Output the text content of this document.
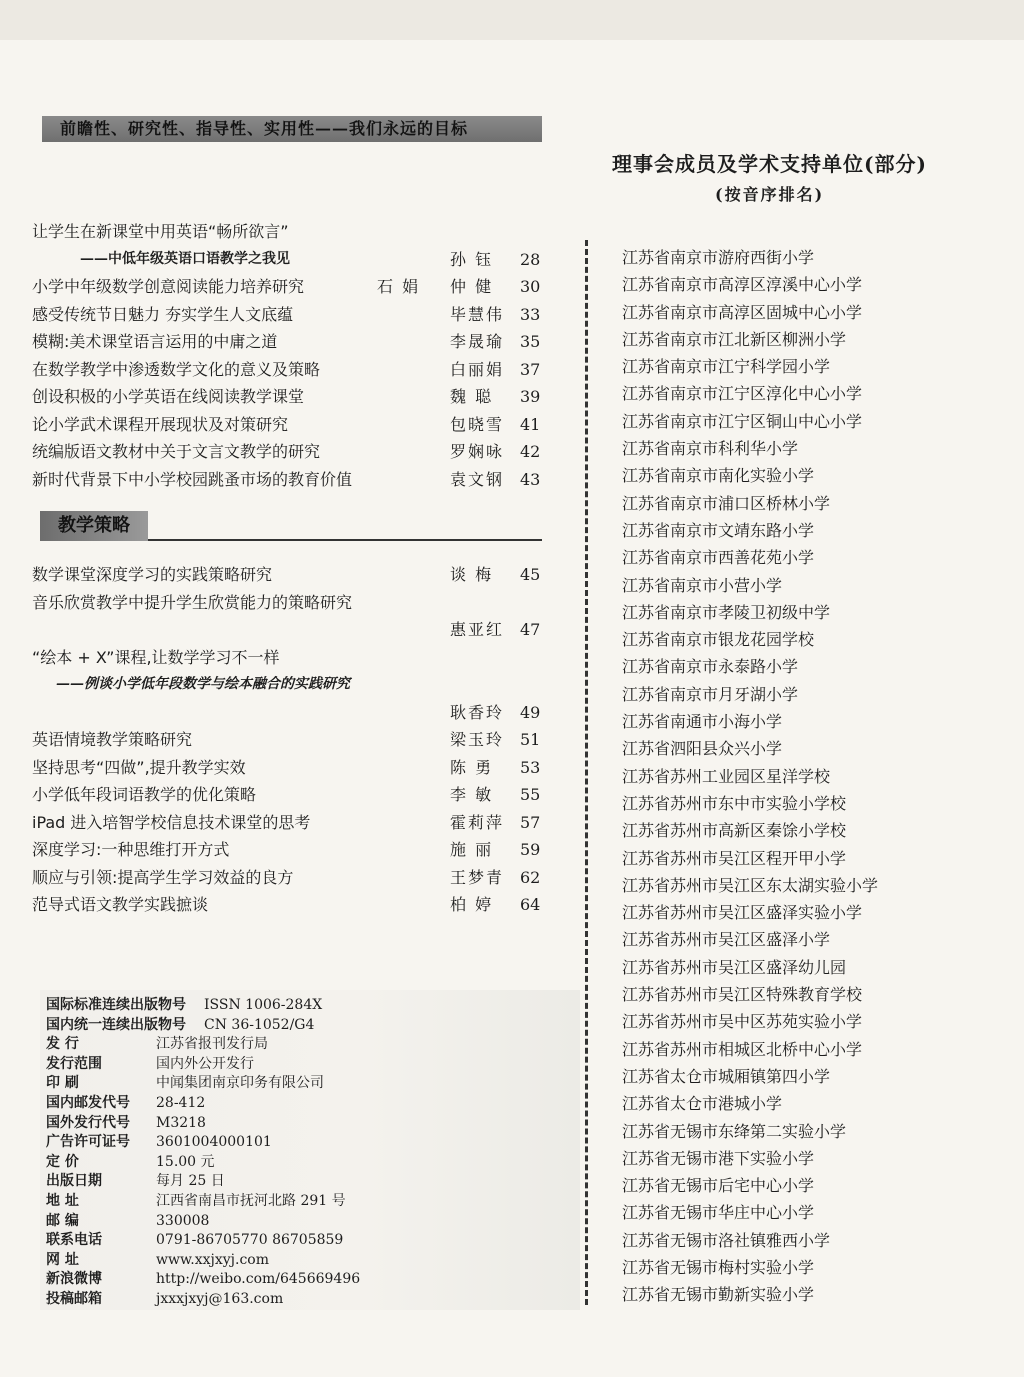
前瞻性、研究性、指导性、实用性——我们永远的目标
理事会成员及学术支持单位(部分)
(按音序排名)
让学生在新课堂中用英语“畅所欲言”
——中低年级英语口语教学之我见	孙 钰	28
小学中年级数学创意阅读能力培养研究	石 娟 仲 健	30
感受传统节日魅力 夯实学生人文底蕴	毕慧伟 33
模糊:美术课堂语言运用的中庸之道	李晟瑜 35
在数学教学中渗透数学文化的意义及策略	白丽娟 37
创设积极的小学英语在线阅读教学课堂	魏 聪	39
论小学武术课程开展现状及对策研究	包晓雪 41
统编版语文教材中关于文言文教学的研究	罗娴咏 42
新时代背景下中小学校园跳蚤市场的教育价值	袁文钢 43
教学策略
数学课堂深度学习的实践策略研究	谈 梅	45
音乐欣赏教学中提升学生欣赏能力的策略研究
惠亚红 47
“绘本 + X”课程,让数学学习不一样
——例谈小学低年段数学与绘本融合的实践研究
耿香玲 49
英语情境教学策略研究	梁玉玲 51
坚持思考“四做”,提升教学实效	陈 勇	53
小学低年段词语教学的优化策略	李 敏	55
iPad 进入培智学校信息技术课堂的思考	霍莉萍 57
深度学习:一种思维打开方式	施 丽	59
顺应与引领:提高学生学习效益的良方	王梦青 62
范导式语文教学实践摭谈	柏 婷	64
江苏省南京市游府西街小学
江苏省南京市高淳区淳溪中心小学
江苏省南京市高淳区固城中心小学
江苏省南京市江北新区柳洲小学
江苏省南京市江宁科学园小学
江苏省南京市江宁区淳化中心小学
江苏省南京市江宁区铜山中心小学
江苏省南京市科利华小学
江苏省南京市南化实验小学
江苏省南京市浦口区桥林小学
江苏省南京市文靖东路小学
江苏省南京市西善花苑小学
江苏省南京市小营小学
江苏省南京市孝陵卫初级中学
江苏省南京市银龙花园学校
江苏省南京市永泰路小学
江苏省南京市月牙湖小学
江苏省南通市小海小学
江苏省泗阳县众兴小学
江苏省苏州工业园区星洋学校
江苏省苏州市东中市实验小学校
江苏省苏州市高新区秦馀小学校
江苏省苏州市吴江区程开甲小学
江苏省苏州市吴江区东太湖实验小学
江苏省苏州市吴江区盛泽实验小学
江苏省苏州市吴江区盛泽小学
江苏省苏州市吴江区盛泽幼儿园
江苏省苏州市吴江区特殊教育学校
江苏省苏州市吴中区苏苑实验小学
江苏省苏州市相城区北桥中心小学
江苏省太仓市城厢镇第四小学
江苏省太仓市港城小学
江苏省无锡市东绛第二实验小学
江苏省无锡市港下实验小学
江苏省无锡市后宅中心小学
江苏省无锡市华庄中心小学
江苏省无锡市洛社镇雅西小学
江苏省无锡市梅村实验小学
江苏省无锡市勤新实验小学
国际标准连续出版物号 ISSN 1006-284X
国内统一连续出版物号 CN 36-1052/G4
发 行	江苏省报刊发行局
发行范围	国内外公开发行
印 刷	中闻集团南京印务有限公司
国内邮发代号 28-412
国外发行代号 M3218
广告许可证号 3601004000101
定 价	15.00 元
出版日期	每月 25 日
地 址	江西省南昌市抚河北路 291 号
邮 编	330008
联系电话	0791-86705770 86705859
网 址	www.xxjxyj.com
新浪微博	http://weibo.com/645669496
投稿邮箱	jxxxjxyj@163.com
